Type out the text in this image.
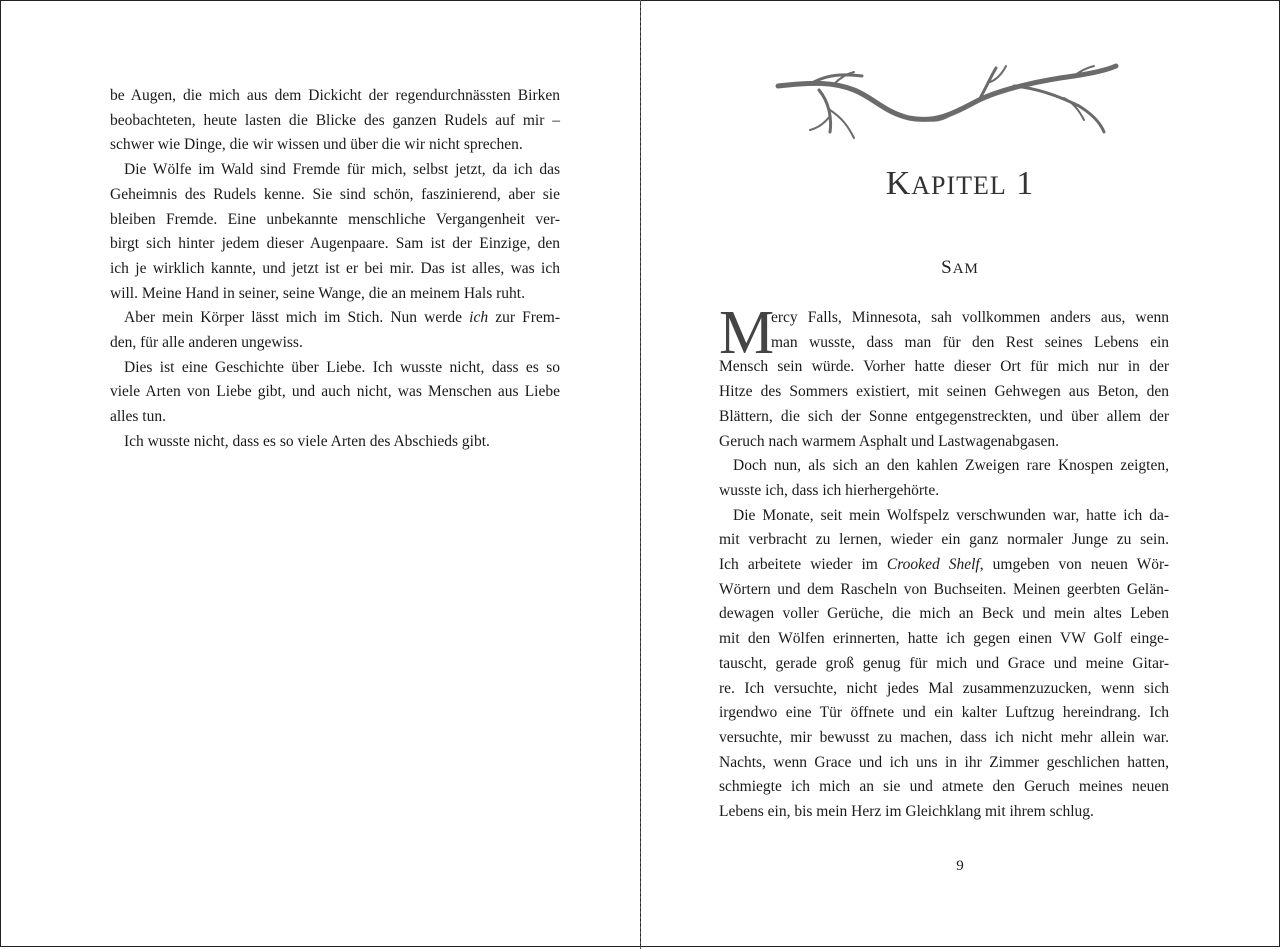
be Augen, die mich aus dem Dickicht der regendurchnässten Birken
beobachteten, heute lasten die Blicke des ganzen Rudels auf mir –
schwer wie Dinge, die wir wissen und über die wir nicht sprechen.
Die Wölfe im Wald sind Fremde für mich, selbst jetzt, da ich das
Geheimnis des Rudels kenne. Sie sind schön, faszinierend, aber sie
bleiben Fremde. Eine unbekannte menschliche Vergangenheit ver-
birgt sich hinter jedem dieser Augenpaare. Sam ist der Einzige, den
ich je wirklich kannte, und jetzt ist er bei mir. Das ist alles, was ich
will. Meine Hand in seiner, seine Wange, die an meinem Hals ruht.
Aber mein Körper lässt mich im Stich. Nun werde ich zur Frem-
den, für alle anderen ungewiss.
Dies ist eine Geschichte über Liebe. Ich wusste nicht, dass es so
viele Arten von Liebe gibt, und auch nicht, was Menschen aus Liebe
alles tun.
Ich wusste nicht, dass es so viele Arten des Abschieds gibt.
KAPITEL 1
SAM
M
ercy Falls, Minnesota, sah vollkommen anders aus, wenn
man wusste, dass man für den Rest seines Lebens ein
Mensch sein würde. Vorher hatte dieser Ort für mich nur in der
Hitze des Sommers existiert, mit seinen Gehwegen aus Beton, den
Blättern, die sich der Sonne entgegenstreckten, und über allem der
Geruch nach warmem Asphalt und Lastwagenabgasen.
Doch nun, als sich an den kahlen Zweigen rare Knospen zeigten,
wusste ich, dass ich hierhergehörte.
Die Monate, seit mein Wolfspelz verschwunden war, hatte ich da-
mit verbracht zu lernen, wieder ein ganz normaler Junge zu sein.
Ich arbeitete wieder im Crooked Shelf, umgeben von neuen Wör-
Wörtern und dem Rascheln von Buchseiten. Meinen geerbten Gelän-
dewagen voller Gerüche, die mich an Beck und mein altes Leben
mit den Wölfen erinnerten, hatte ich gegen einen VW Golf einge-
tauscht, gerade groß genug für mich und Grace und meine Gitar-
re. Ich versuchte, nicht jedes Mal zusammenzuzucken, wenn sich
irgendwo eine Tür öffnete und ein kalter Luftzug hereindrang. Ich
versuchte, mir bewusst zu machen, dass ich nicht mehr allein war.
Nachts, wenn Grace und ich uns in ihr Zimmer geschlichen hatten,
schmiegte ich mich an sie und atmete den Geruch meines neuen
Lebens ein, bis mein Herz im Gleichklang mit ihrem schlug.
9
